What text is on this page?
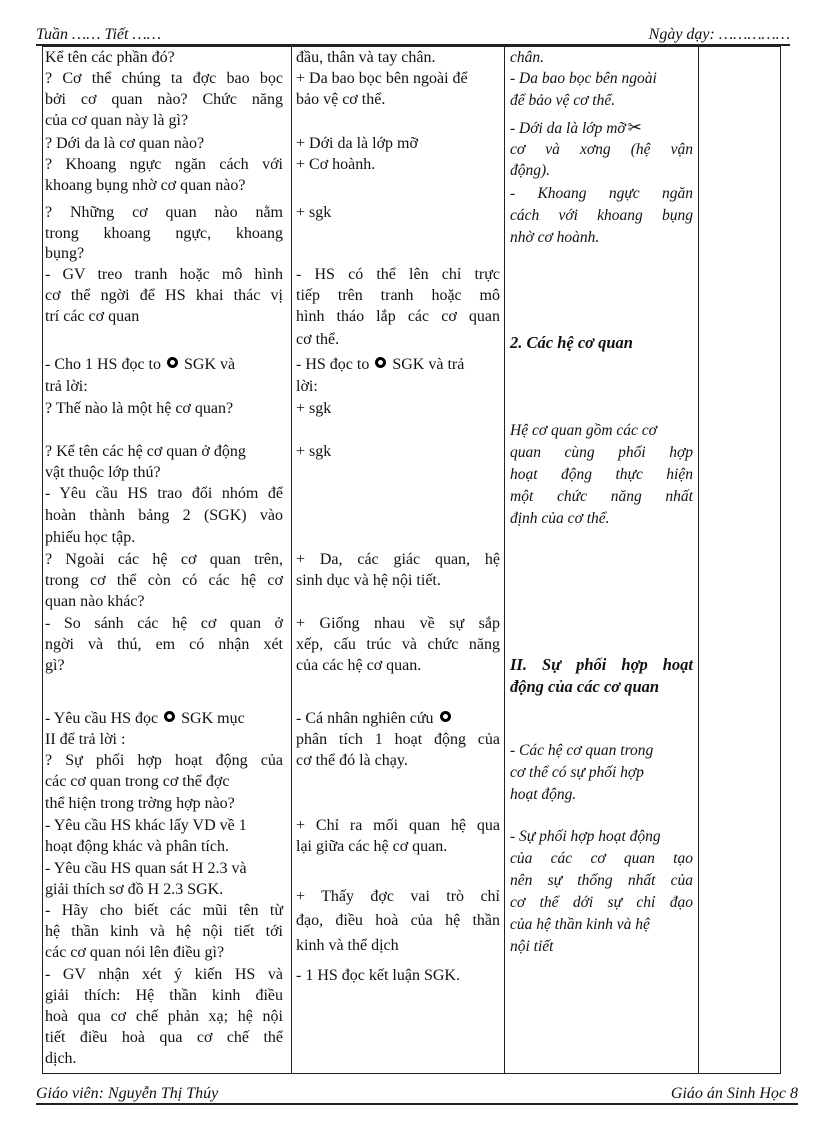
Tuần …… Tiết ……	Ngày dạy: ……………
Kể tên các phần đó?
? Cơ thể chúng ta đợc bao bọc
bởi cơ quan nào? Chức năng
của cơ quan này là gì?
? Dới da là cơ quan nào?
? Khoang ngực ngăn cách với
khoang bụng nhờ cơ quan nào?
? Những cơ quan nào nằm
trong khoang ngực, khoang
bụng?
- GV treo tranh hoặc mô hình
cơ thể ngời để HS khai thác vị
trí các cơ quan
- Cho 1 HS đọc to SGK và
trả lời:
? Thế nào là một hệ cơ quan?
? Kể tên các hệ cơ quan ở động
vật thuộc lớp thú?
- Yêu cầu HS trao đổi nhóm để
hoàn thành bảng 2 (SGK) vào
phiếu học tập.
? Ngoài các hệ cơ quan trên,
trong cơ thể còn có các hệ cơ
quan nào khác?
- So sánh các hệ cơ quan ở
ngời và thú, em có nhận xét
gì?
- Yêu cầu HS đọc SGK mục
II để trả lời :
? Sự phối hợp hoạt động của
các cơ quan trong cơ thể đợc
thể hiện trong trờng hợp nào?
- Yêu cầu HS khác lấy VD về 1
hoạt động khác và phân tích.
- Yêu cầu HS quan sát H 2.3 và
giải thích sơ đồ H 2.3 SGK.
- Hãy cho biết các mũi tên từ
hệ thần kinh và hệ nội tiết tới
các cơ quan nói lên điều gì?
- GV nhận xét ý kiến HS và
giải thích: Hệ thần kinh điều
hoà qua cơ chế phản xạ; hệ nội
tiết điều hoà qua cơ chế thể
dịch.
đầu, thân và tay chân.
+ Da bao bọc bên ngoài để
bảo vệ cơ thể.
+ Dới da là lớp mỡ
+ Cơ hoành.
+ sgk
- HS có thể lên chỉ trực
tiếp trên tranh hoặc mô
hình tháo lắp các cơ quan
cơ thể.
- HS đọc to SGK và trả
lời:
+ sgk
+ sgk
+ Da, các giác quan, hệ
sinh dục và hệ nội tiết.
+ Giống nhau về sự sắp
xếp, cấu trúc và chức năng
của các hệ cơ quan.
- Cá nhân nghiên cứu
phân tích 1 hoạt động của
cơ thể đó là chạy.
+ Chỉ ra mối quan hệ qua
lại giữa các hệ cơ quan.
+ Thấy đợc vai trò chỉ
đạo, điều hoà của hệ thần
kinh và thể dịch
- 1 HS đọc kết luận SGK.
chân.
- Da bao bọc bên ngoài
để bảo vệ cơ thể.
- Dới da là lớp mỡ ✂
cơ và xơng (hệ vận
động).
- Khoang ngực ngăn
cách với khoang bụng
nhờ cơ hoành.
2. Các hệ cơ quan
Hệ cơ quan gồm các cơ
quan cùng phối hợp
hoạt động thực hiện
một chức năng nhất
định của cơ thể.
II. Sự phối hợp hoạt
động của các cơ quan
- Các hệ cơ quan trong
cơ thể có sự phối hợp
hoạt động.
- Sự phối hợp hoạt động
của các cơ quan tạo
nên sự thống nhất của
cơ thể dới sự chỉ đạo
của hệ thần kinh và hệ
nội tiết
Giáo viên: Nguyễn Thị Thúy	Giáo án Sinh Học 8
